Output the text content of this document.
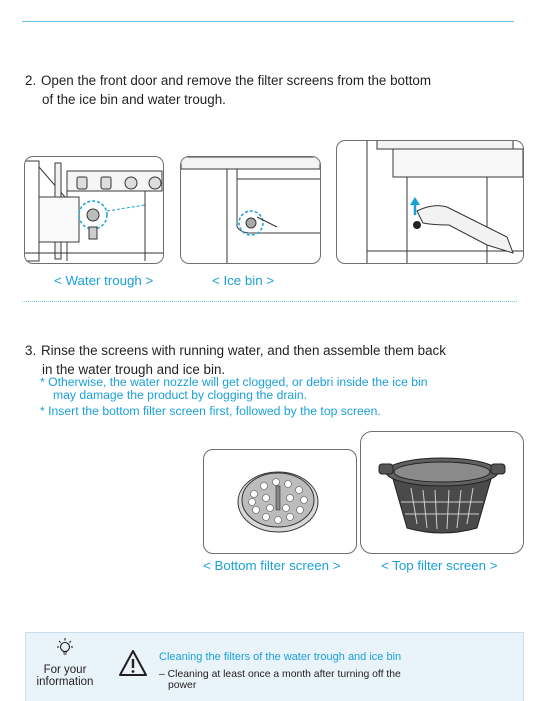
2. Open the front door and remove the filter screens from the bottom
of the ice bin and water trough.
< Water trough >	< Ice bin >
3. Rinse the screens with running water, and then assemble them back
in the water trough and ice bin.
* Otherwise, the water nozzle will get clogged, or debri inside the ice bin
may damage the product by clogging the drain.
* Insert the bottom filter screen first, followed by the top screen.
< Bottom filter screen >	< Top filter screen >
For your
information
Cleaning the filters of the water trough and ice bin
– Cleaning at least once a month after turning off the
power
